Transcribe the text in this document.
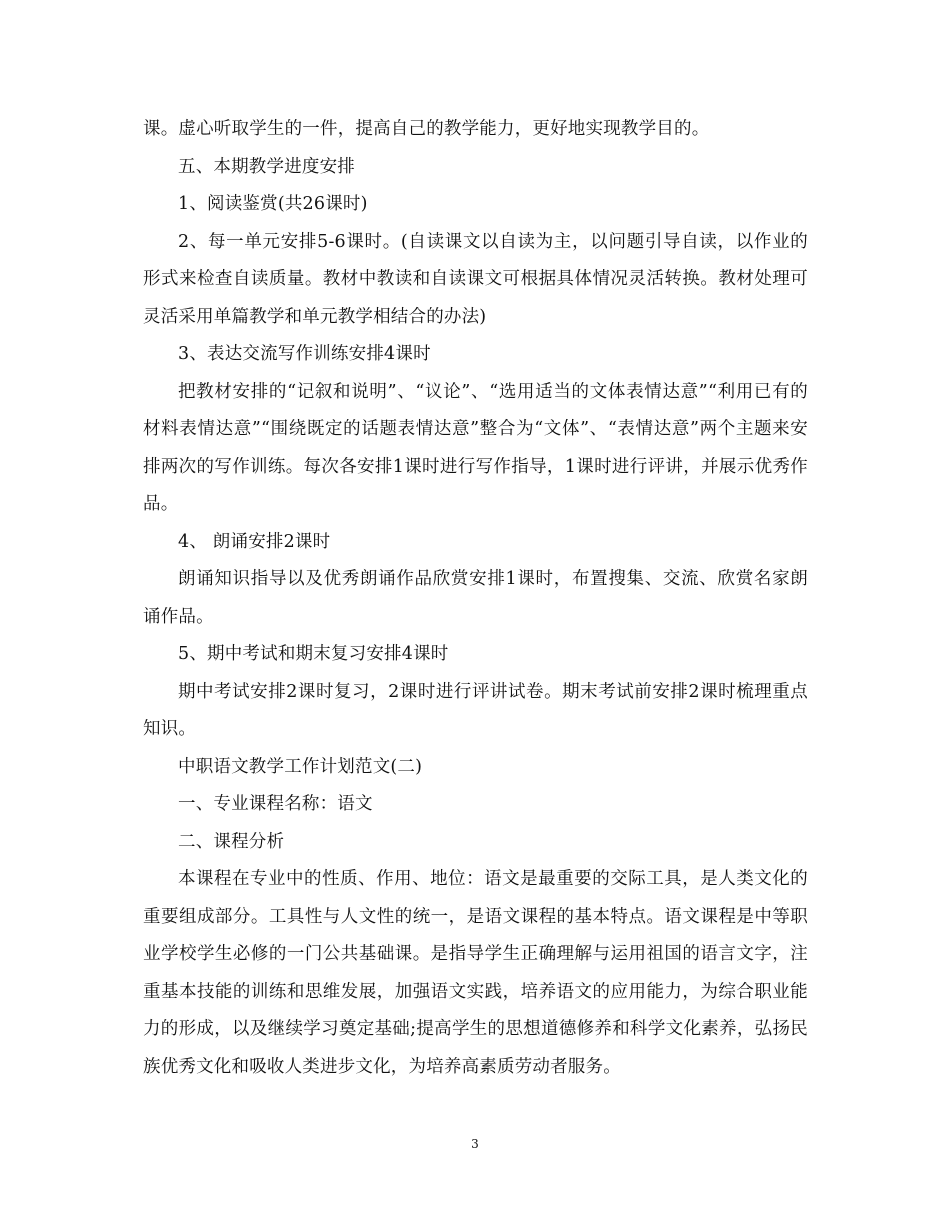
课。虚心听取学生的一件，提高自己的教学能力，更好地实现教学目的。

五、本期教学进度安排

1、阅读鉴赏(共26课时)

2、每一单元安排5-6课时。(自读课文以自读为主，以问题引导自读，以作业的形式来检查自读质量。教材中教读和自读课文可根据具体情况灵活转换。教材处理可灵活采用单篇教学和单元教学相结合的办法)

3、表达交流写作训练安排4课时

把教材安排的“记叙和说明”、“议论”、“选用适当的文体表情达意”“利用已有的材料表情达意”“围绕既定的话题表情达意”整合为“文体”、“表情达意”两个主题来安排两次的写作训练。每次各安排1课时进行写作指导，1课时进行评讲，并展示优秀作品。

4、 朗诵安排2课时

朗诵知识指导以及优秀朗诵作品欣赏安排1课时，布置搜集、交流、欣赏名家朗诵作品。

5、期中考试和期末复习安排4课时

期中考试安排2课时复习，2课时进行评讲试卷。期末考试前安排2课时梳理重点知识。

中职语文教学工作计划范文(二)

一、专业课程名称：语文

二、课程分析

本课程在专业中的性质、作用、地位：语文是最重要的交际工具，是人类文化的重要组成部分。工具性与人文性的统一，是语文课程的基本特点。语文课程是中等职业学校学生必修的一门公共基础课。是指导学生正确理解与运用祖国的语言文字，注重基本技能的训练和思维发展，加强语文实践，培养语文的应用能力，为综合职业能力的形成，以及继续学习奠定基础;提高学生的思想道德修养和科学文化素养，弘扬民族优秀文化和吸收人类进步文化，为培养高素质劳动者服务。

3
